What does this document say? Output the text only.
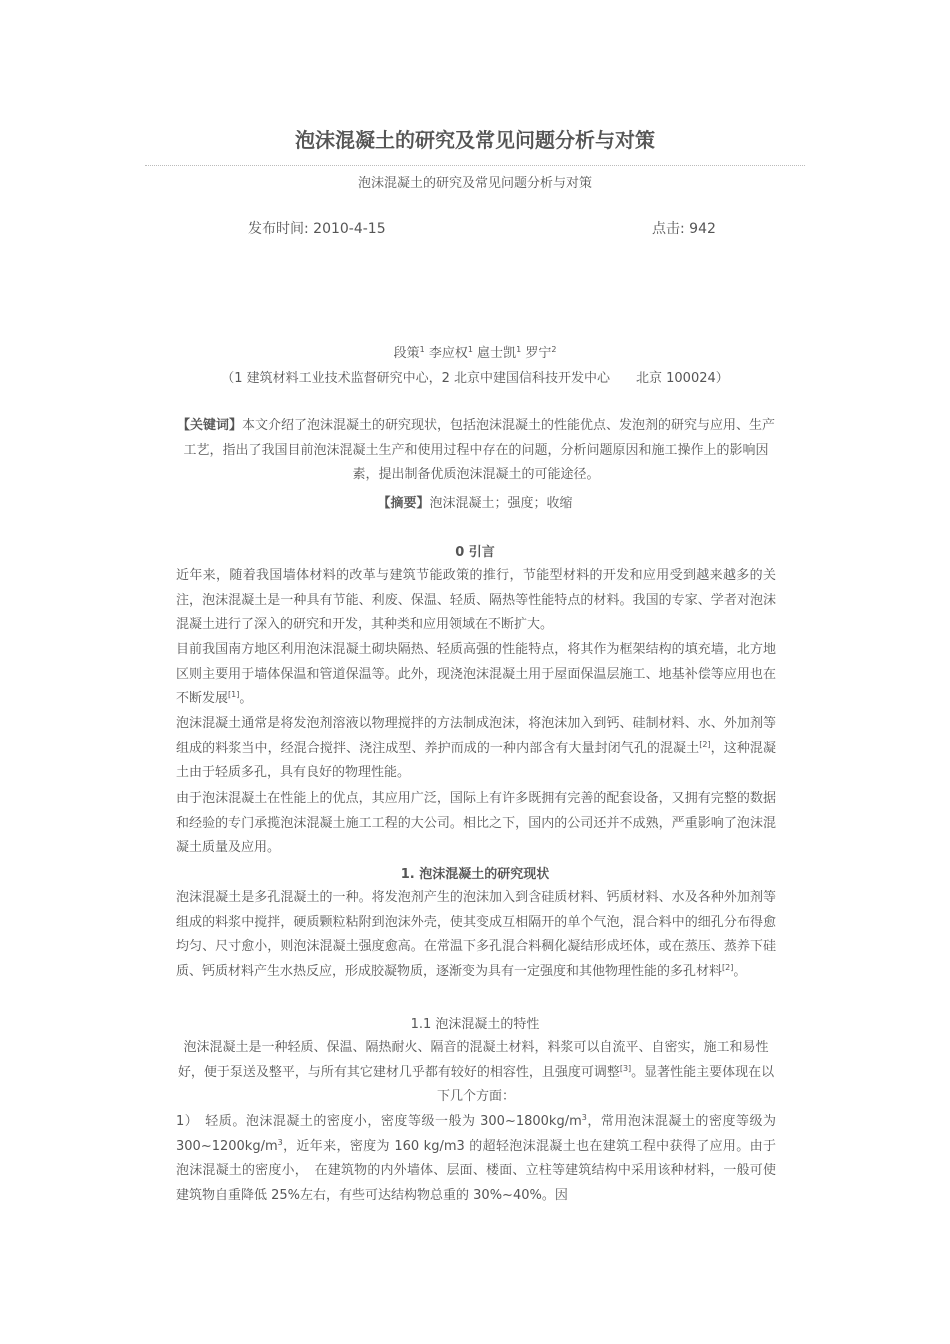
泡沫混凝土的研究及常见问题分析与对策
泡沫混凝土的研究及常见问题分析与对策
发布时间: 2010-4-15	点击: 942
段策$^1$ 李应权$^1$ 扈士凯$^1$ 罗宁$^2$
（1 建筑材料工业技术监督研究中心，2 北京中建国信科技开发中心　　北京 100024）
【关键词】本文介绍了泡沫混凝土的研究现状，包括泡沫混凝土的性能优点、发泡剂的研究与应用、生产工艺，指出了我国目前泡沫混凝土生产和使用过程中存在的问题，分析问题原因和施工操作上的影响因素，提出制备优质泡沫混凝土的可能途径。
【摘要】泡沫混凝土；强度；收缩
0 引言
近年来，随着我国墙体材料的改革与建筑节能政策的推行，节能型材料的开发和应用受到越来越多的关注，泡沫混凝土是一种具有节能、利废、保温、轻质、隔热等性能特点的材料。我国的专家、学者对泡沫混凝土进行了深入的研究和开发，其种类和应用领域在不断扩大。
目前我国南方地区利用泡沫混凝土砌块隔热、轻质高强的性能特点，将其作为框架结构的填充墙，北方地区则主要用于墙体保温和管道保温等。此外，现浇泡沫混凝土用于屋面保温层施工、地基补偿等应用也在不断发展[1]。
泡沫混凝土通常是将发泡剂溶液以物理搅拌的方法制成泡沫，将泡沫加入到钙、硅制材料、水、外加剂等组成的料浆当中，经混合搅拌、浇注成型、养护而成的一种内部含有大量封闭气孔的混凝土[2]，这种混凝土由于轻质多孔，具有良好的物理性能。
由于泡沫混凝土在性能上的优点，其应用广泛，国际上有许多既拥有完善的配套设备，又拥有完整的数据和经验的专门承揽泡沫混凝土施工工程的大公司。相比之下，国内的公司还并不成熟，严重影响了泡沫混凝土质量及应用。
1. 泡沫混凝土的研究现状
泡沫混凝土是多孔混凝土的一种。将发泡剂产生的泡沫加入到含硅质材料、钙质材料、水及各种外加剂等组成的料浆中搅拌，硬质颗粒粘附到泡沫外壳，使其变成互相隔开的单个气泡，混合料中的细孔分布得愈均匀、尺寸愈小，则泡沫混凝土强度愈高。在常温下多孔混合料稠化凝结形成坯体，或在蒸压、蒸养下硅质、钙质材料产生水热反应，形成胶凝物质，逐渐变为具有一定强度和其他物理性能的多孔材料[2]。
1.1 泡沫混凝土的特性
泡沫混凝土是一种轻质、保温、隔热耐火、隔音的混凝土材料，料浆可以自流平、自密实，施工和易性好，便于泵送及整平，与所有其它建材几乎都有较好的相容性，且强度可调整[3]。显著性能主要体现在以下几个方面：
1）　轻质。泡沫混凝土的密度小，密度等级一般为 $300\sim 1800kg/m^3$，常用泡沫混凝土的密度等级为 $300\sim 1200kg/m^3$，近年来，密度为 160 kg/m3 的超轻泡沫混凝土也在建筑工程中获得了应用。由于泡沫混凝土的密度小，　在建筑物的内外墙体、层面、楼面、立柱等建筑结构中采用该种材料，一般可使建筑物自重降低 25%左右，有些可达结构物总重的 30%~40%。因
